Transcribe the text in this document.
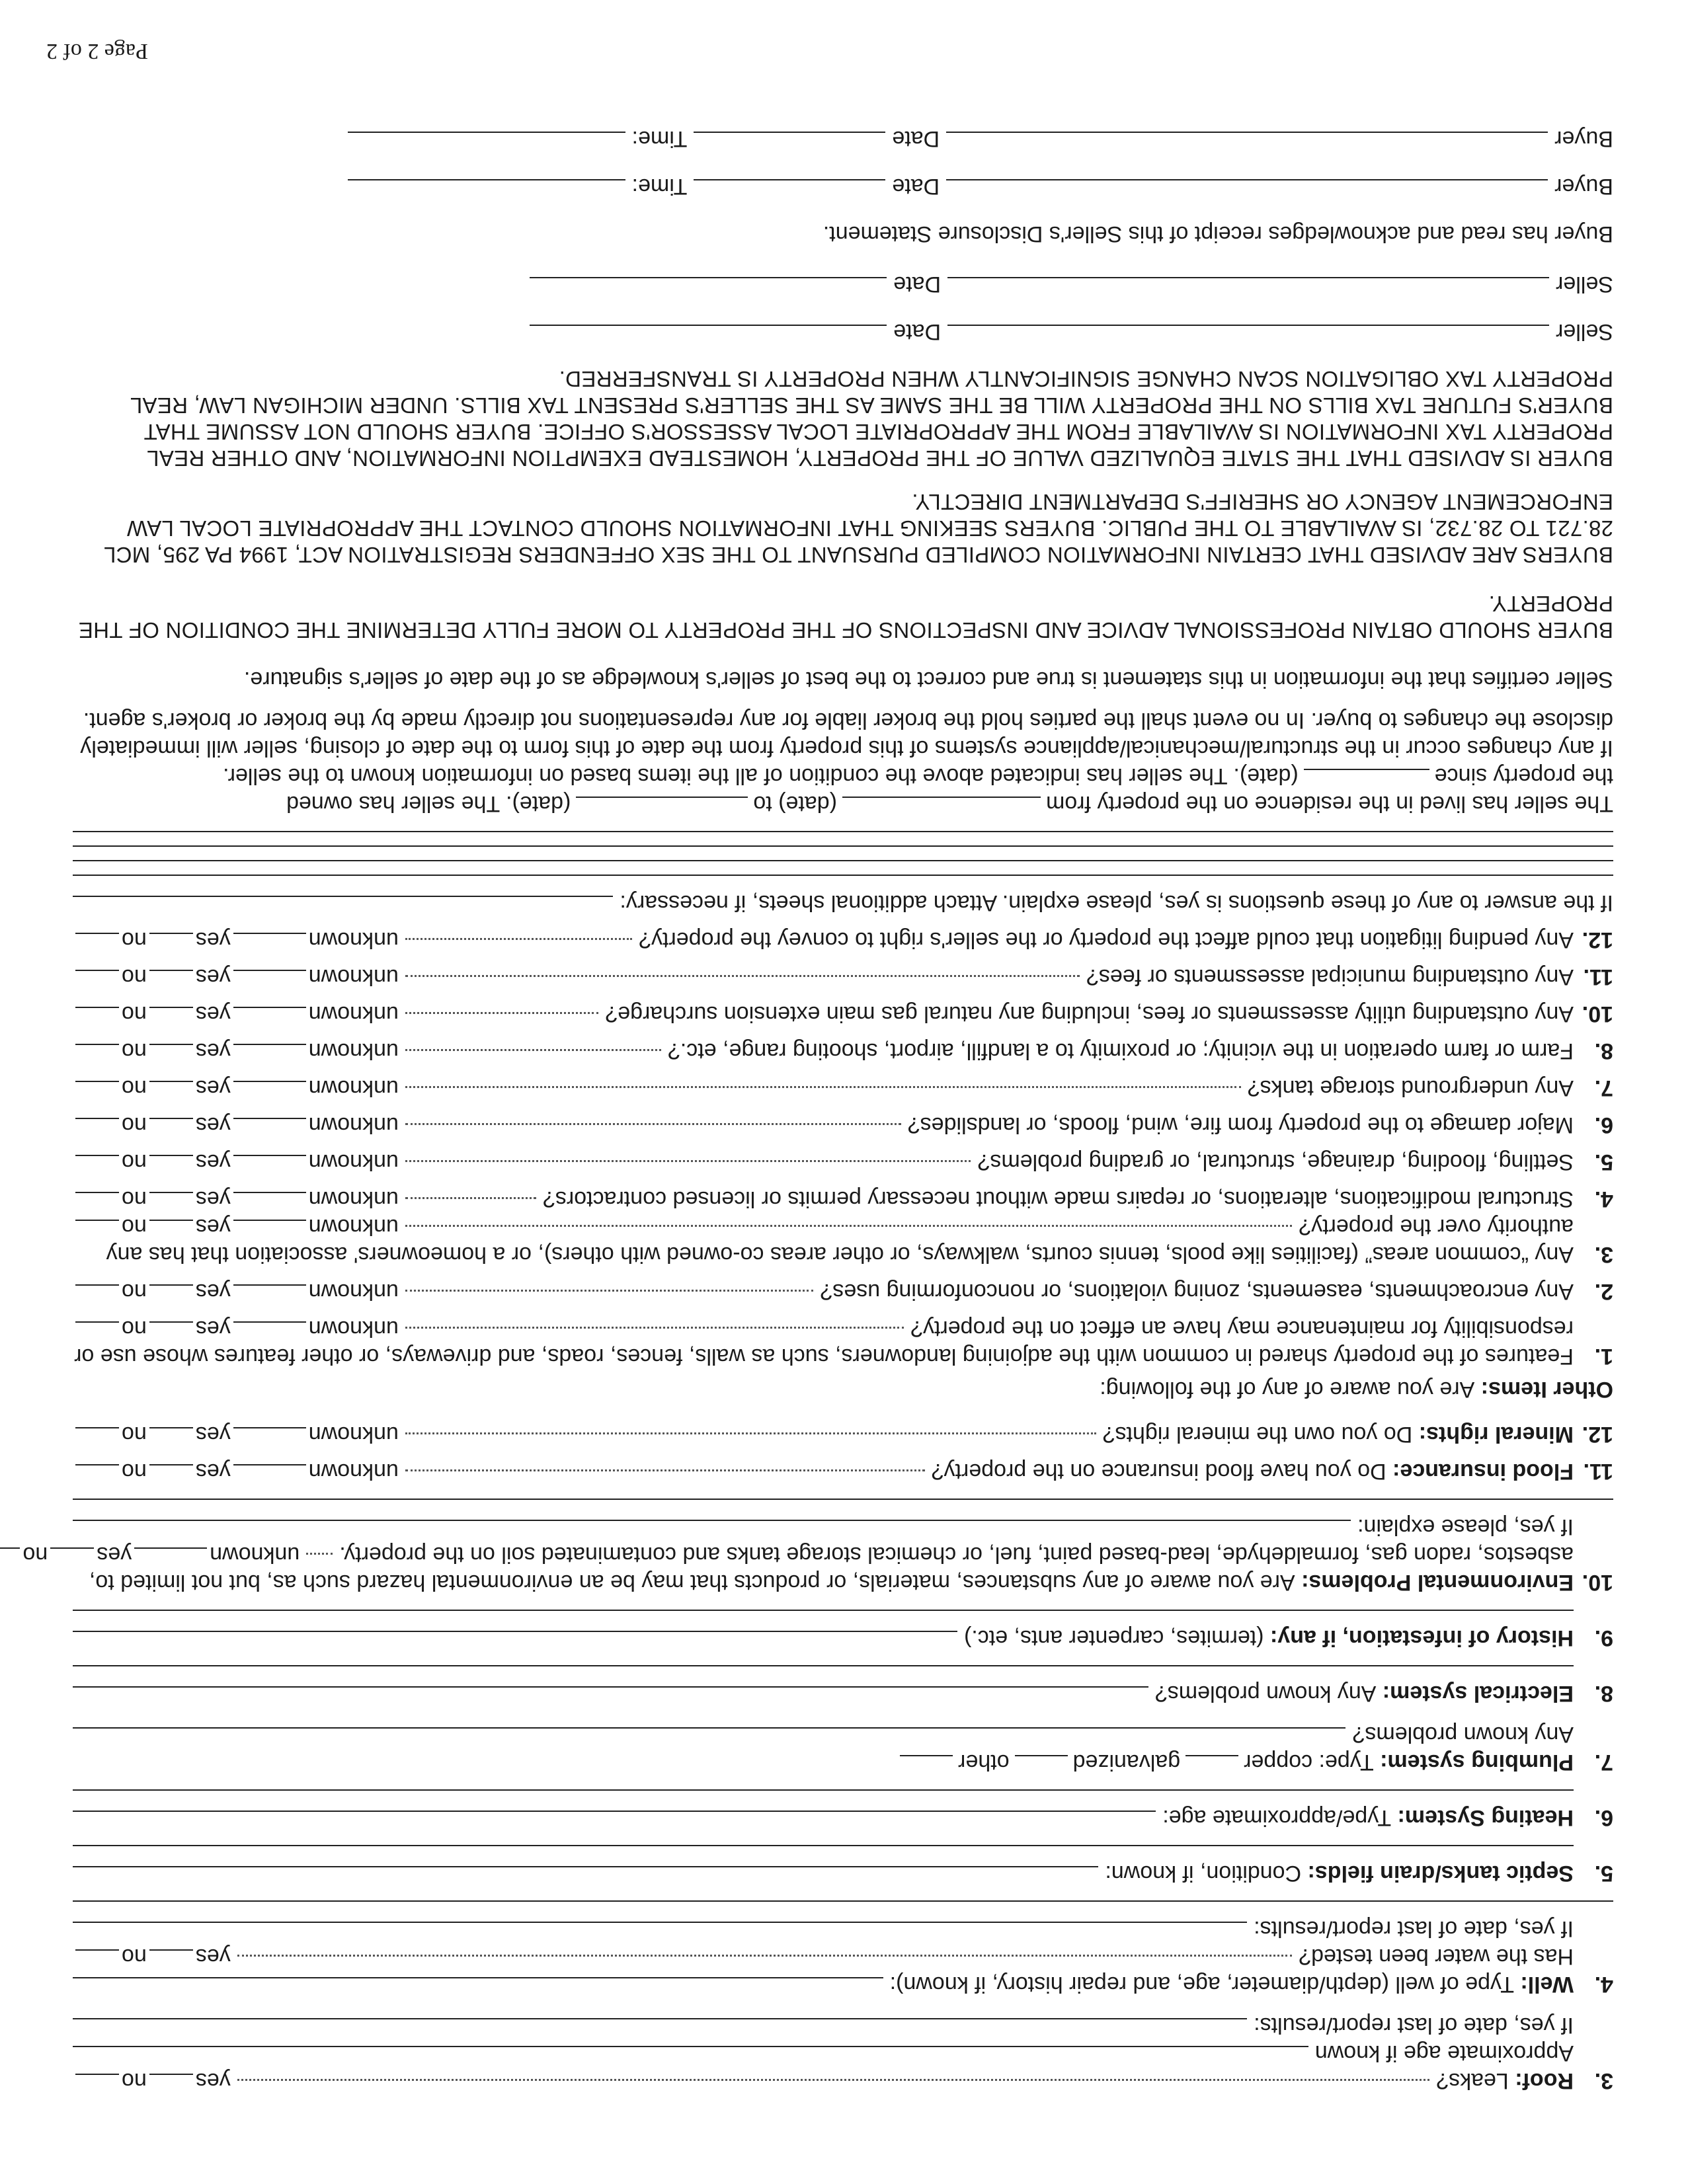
3.
Roof:

Leaks?
yes
no
Approximate age if known
If yes, date of last report/results:
4.
Well:

Type of well (depth/diameter, age, and repair history, if known):
Has the water been tested?
yes
no
If yes, date of last report/results:
5.
Septic tanks/drain fields:

Condition, if known:
6.
Heating System:

Type/approximate age:
7.
Plumbing system:

Type: copper
galvanized
other
Any known problems?
8.
Electrical system:

Any known problems?
9.
History of infestation, if any:

(termites, carpenter ants, etc.)
10.
Environmental Problems:

Are you aware of any substances, materials, or products that may be an environmental hazard such as, but not limited to,
asbestos, radon gas, formaldehyde, lead-based paint, fuel, or chemical storage tanks and contaminated soil on the property.
unknown
yes
no
If yes, please explain:
11.
Flood insurance:

Do you have flood insurance on the property?
unknown
yes
no
12.
Mineral rights:

Do you own the mineral rights?
unknown
yes
no
Other Items:

Are you aware of any of the following:
1.
Features of the property shared in common with the adjoining landowners, such as walls, fences, roads, and driveways, or other features whose use or
responsibility for maintenance may have an effect on the property?
unknown
yes
no
2.
Any encroachments, easements, zoning violations, or nonconforming uses?
unknown
yes
no
3.
Any “common areas” (facilities like pools, tennis courts, walkways, or other areas co-owned with others), or a homeowners' association that has any
authority over the property?
unknown
yes
no
4.
Structural modifications, alterations, or repairs made without necessary permits or licensed contractors?
unknown
yes
no
5.
Settling, flooding, drainage, structural, or grading problems?
unknown
yes
no
6.
Major damage to the property from fire, wind, floods, or landslides?
unknown
yes
no
7.
Any underground storage tanks?
unknown
yes
no
8.
Farm or farm operation in the vicinity; or proximity to a landfill, airport, shooting range, etc.?
unknown
yes
no
10.
Any outstanding utility assessments or fees, including any natural gas main extension surcharge?
unknown
yes
no
11.
Any outstanding municipal assessments or fees?
unknown
yes
no
12.
Any pending litigation that could affect the property or the seller's right to convey the property?
unknown
yes
no
If the answer to any of these questions is yes, please explain. Attach additional sheets, if necessary:
The seller has lived in the residence on the property from
(date) to
(date). The seller has owned
the property since
(date). The seller has indicated above the condition of all the items based on information known to the seller.
If any changes occur in the structural/mechanical/appliance systems of this property from the date of this form to the date of closing, seller will immediately
disclose the changes to buyer. In no event shall the parties hold the broker liable for any representations not directly made by the broker or broker's agent.
Seller certifies that the information in this statement is true and correct to the best of seller's knowledge as of the date of seller's signature.
BUYER SHOULD OBTAIN PROFESSIONAL ADVICE AND INSPECTIONS OF THE PROPERTY TO MORE FULLY DETERMINE THE CONDITION OF THE
PROPERTY.
BUYERS ARE ADVISED THAT CERTAIN INFORMATION COMPILED PURSUANT TO THE SEX OFFENDERS REGISTRATION ACT, 1994 PA 295, MCL
28.721 TO 28.732, IS AVAILABLE TO THE PUBLIC. BUYERS SEEKING THAT INFORMATION SHOULD CONTACT THE APPROPRIATE LOCAL LAW
ENFORCEMENT AGENCY OR SHERIFF'S DEPARTMENT DIRECTLY.
BUYER IS ADVISED THAT THE STATE EQUALIZED VALUE OF THE PROPERTY, HOMESTEAD EXEMPTION INFORMATION, AND OTHER REAL
PROPERTY TAX INFORMATION IS AVAILABLE FROM THE APPROPRIATE LOCAL ASSESSOR'S OFFICE. BUYER SHOULD NOT ASSUME THAT
BUYER'S FUTURE TAX BILLS ON THE PROPERTY WILL BE THE SAME AS THE SELLER'S PRESENT TAX BILLS. UNDER MICHIGAN LAW, REAL
PROPERTY TAX OBLIGATION SCAN CHANGE SIGNIFICANTLY WHEN PROPERTY IS TRANSFERRED.
Seller
Date
Seller
Date
Buyer has read and acknowledges receipt of this Seller's Disclosure Statement.
Buyer
Date
Time:
Buyer
Date
Time:
Page 2 of 2
